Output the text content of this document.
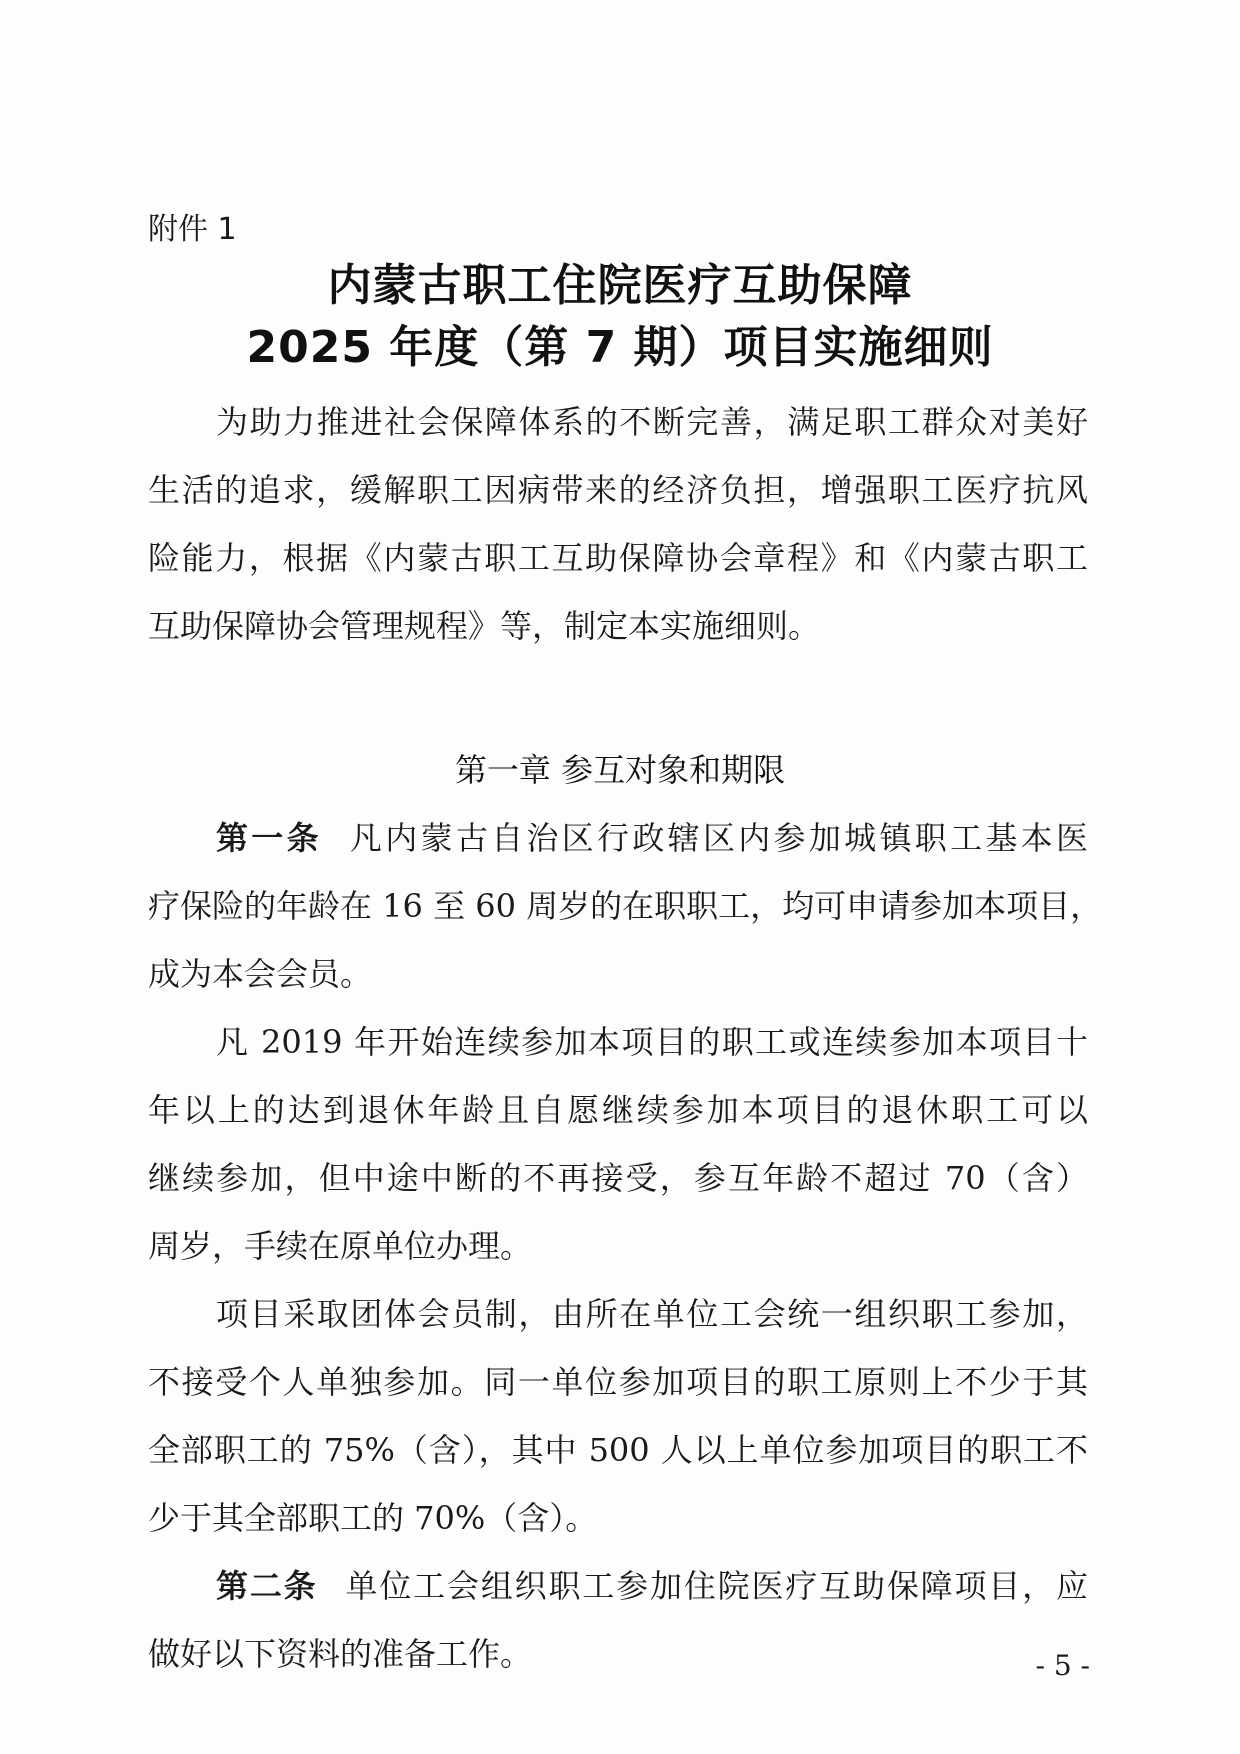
附件 1
内蒙古职工住院医疗互助保障
2025 年度（第 7 期）项目实施细则
为助力推进社会保障体系的不断完善，满足职工群众对美好
生活的追求，缓解职工因病带来的经济负担，增强职工医疗抗风
险能力，根据《内蒙古职工互助保障协会章程》和《内蒙古职工
互助保障协会管理规程》等，制定本实施细则。
第一章 参互对象和期限
第一条 凡内蒙古自治区行政辖区内参加城镇职工基本医
疗保险的年龄在 16 至 60 周岁的在职职工，均可申请参加本项目，
成为本会会员。
凡 2019 年开始连续参加本项目的职工或连续参加本项目十
年以上的达到退休年龄且自愿继续参加本项目的退休职工可以
继续参加，但中途中断的不再接受，参互年龄不超过 70（含）
周岁，手续在原单位办理。
项目采取团体会员制，由所在单位工会统一组织职工参加，
不接受个人单独参加。同一单位参加项目的职工原则上不少于其
全部职工的 75%（含），其中 500 人以上单位参加项目的职工不
少于其全部职工的 70%（含）。
第二条 单位工会组织职工参加住院医疗互助保障项目，应
做好以下资料的准备工作。	- 5 -
